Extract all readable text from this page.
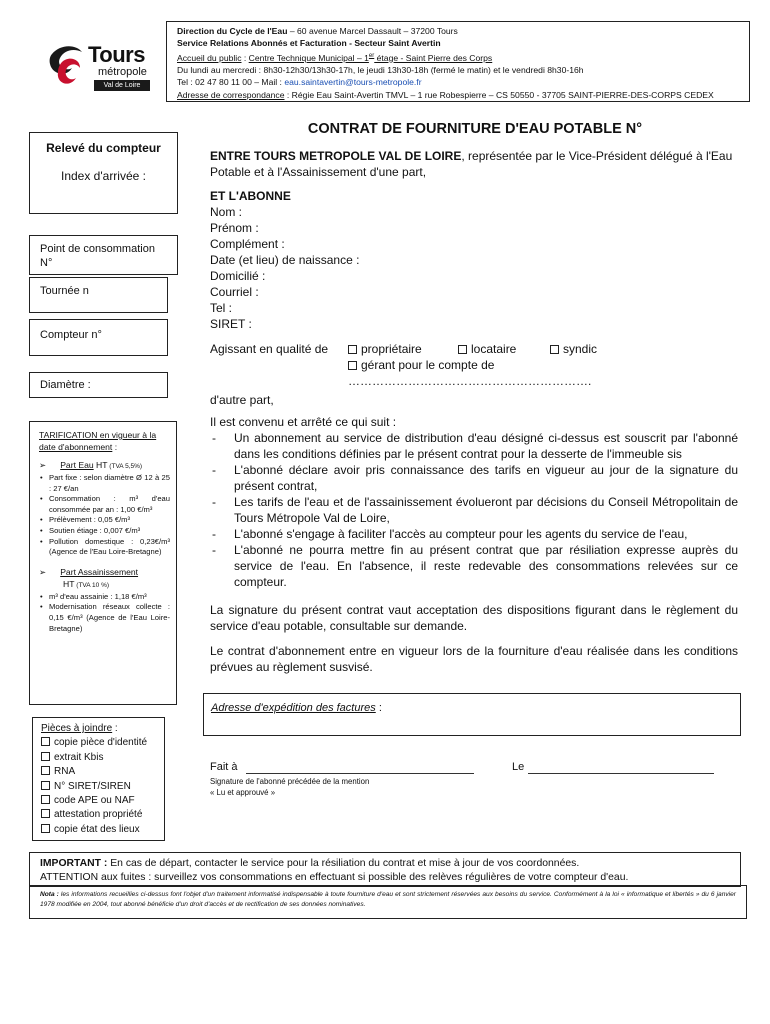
Tours
métropole
Val de Loire
Direction du Cycle de l'Eau – 60 avenue Marcel Dassault – 37200 Tours
Service Relations Abonnés et Facturation - Secteur Saint Avertin
Accueil du public : Centre Technique Municipal – 1er étage - Saint Pierre des Corps
Du lundi au mercredi : 8h30-12h30/13h30-17h, le jeudi 13h30-18h (fermé le matin) et le vendredi 8h30-16h
Tel : 02 47 80 11 00 – Mail : eau.saintavertin@tours-metropole.fr
Adresse de correspondance : Régie Eau Saint-Avertin TMVL – 1 rue Robespierre – CS 50550 - 37705 SAINT-PIERRE-DES-CORPS CEDEX
Relevé du compteur
Index d'arrivée :
Point de consommation N°
Tournée n
Compteur n°
Diamètre :
TARIFICATION en vigueur à la date d'abonnement :
➢ Part Eau HT (TVA 5,5%)
• Part fixe : selon diamètre Ø 12 à 25 : 27 €/an
• Consommation : m³ d'eau consommée par an : 1,00 €/m³
• Prélèvement : 0,05 €/m³
• Soutien étiage : 0,007 €/m³
• Pollution domestique : 0,23€/m³ (Agence de l'Eau Loire-Bretagne)
➢ Part Assainissement
HT (TVA 10 %)
• m³ d'eau assainie : 1,18 €/m³
• Modernisation réseaux collecte : 0,15 €/m³ (Agence de l'Eau Loire-Bretagne)
Pièces à joindre :
copie pièce d'identité
extrait Kbis
RNA
N° SIRET/SIREN
code APE ou NAF
attestation propriété
copie état des lieux
CONTRAT DE FOURNITURE D'EAU POTABLE N°
ENTRE TOURS METROPOLE VAL DE LOIRE, représentée par le Vice-Président délégué à l'Eau Potable et à l'Assainissement d'une part,
ET L'ABONNE
Nom :
Prénom :
Complément :
Date (et lieu) de naissance :
Domicilié :
Courriel :
Tel :
SIRET :
Agissant en qualité de	propriétaire	locataire	syndic
gérant pour le compte de …………………………………………………….
d'autre part,
Il est convenu et arrêté ce qui suit :
- Un abonnement au service de distribution d'eau désigné ci-dessus est souscrit par l'abonné dans les conditions définies par le présent contrat pour la desserte de l'immeuble sis
- L'abonné déclare avoir pris connaissance des tarifs en vigueur au jour de la signature du présent contrat,
- Les tarifs de l'eau et de l'assainissement évolueront par décisions du Conseil Métropolitain de Tours Métropole Val de Loire,
- L'abonné s'engage à faciliter l'accès au compteur pour les agents du service de l'eau,
- L'abonné ne pourra mettre fin au présent contrat que par résiliation expresse auprès du service de l'eau. En l'absence, il reste redevable des consommations relevées sur ce compteur.
La signature du présent contrat vaut acceptation des dispositions figurant dans le règlement du service d'eau potable, consultable sur demande.
Le contrat d'abonnement entre en vigueur lors de la fourniture d'eau réalisée dans les conditions prévues au règlement susvisé.
Adresse d'expédition des factures :
Fait à	Le
Signature de l'abonné précédée de la mention
« Lu et approuvé »
IMPORTANT : En cas de départ, contacter le service pour la résiliation du contrat et mise à jour de vos coordonnées.
ATTENTION aux fuites : surveillez vos consommations en effectuant si possible des relèves régulières de votre compteur d'eau.
Nota : les informations recueillies ci-dessus font l'objet d'un traitement informatisé indispensable à toute fourniture d'eau et sont strictement réservées aux besoins du service. Conformément à la loi « informatique et libertés » du 6 janvier 1978 modifiée en 2004, tout abonné bénéficie d'un droit d'accès et de rectification de ses données nominatives.
